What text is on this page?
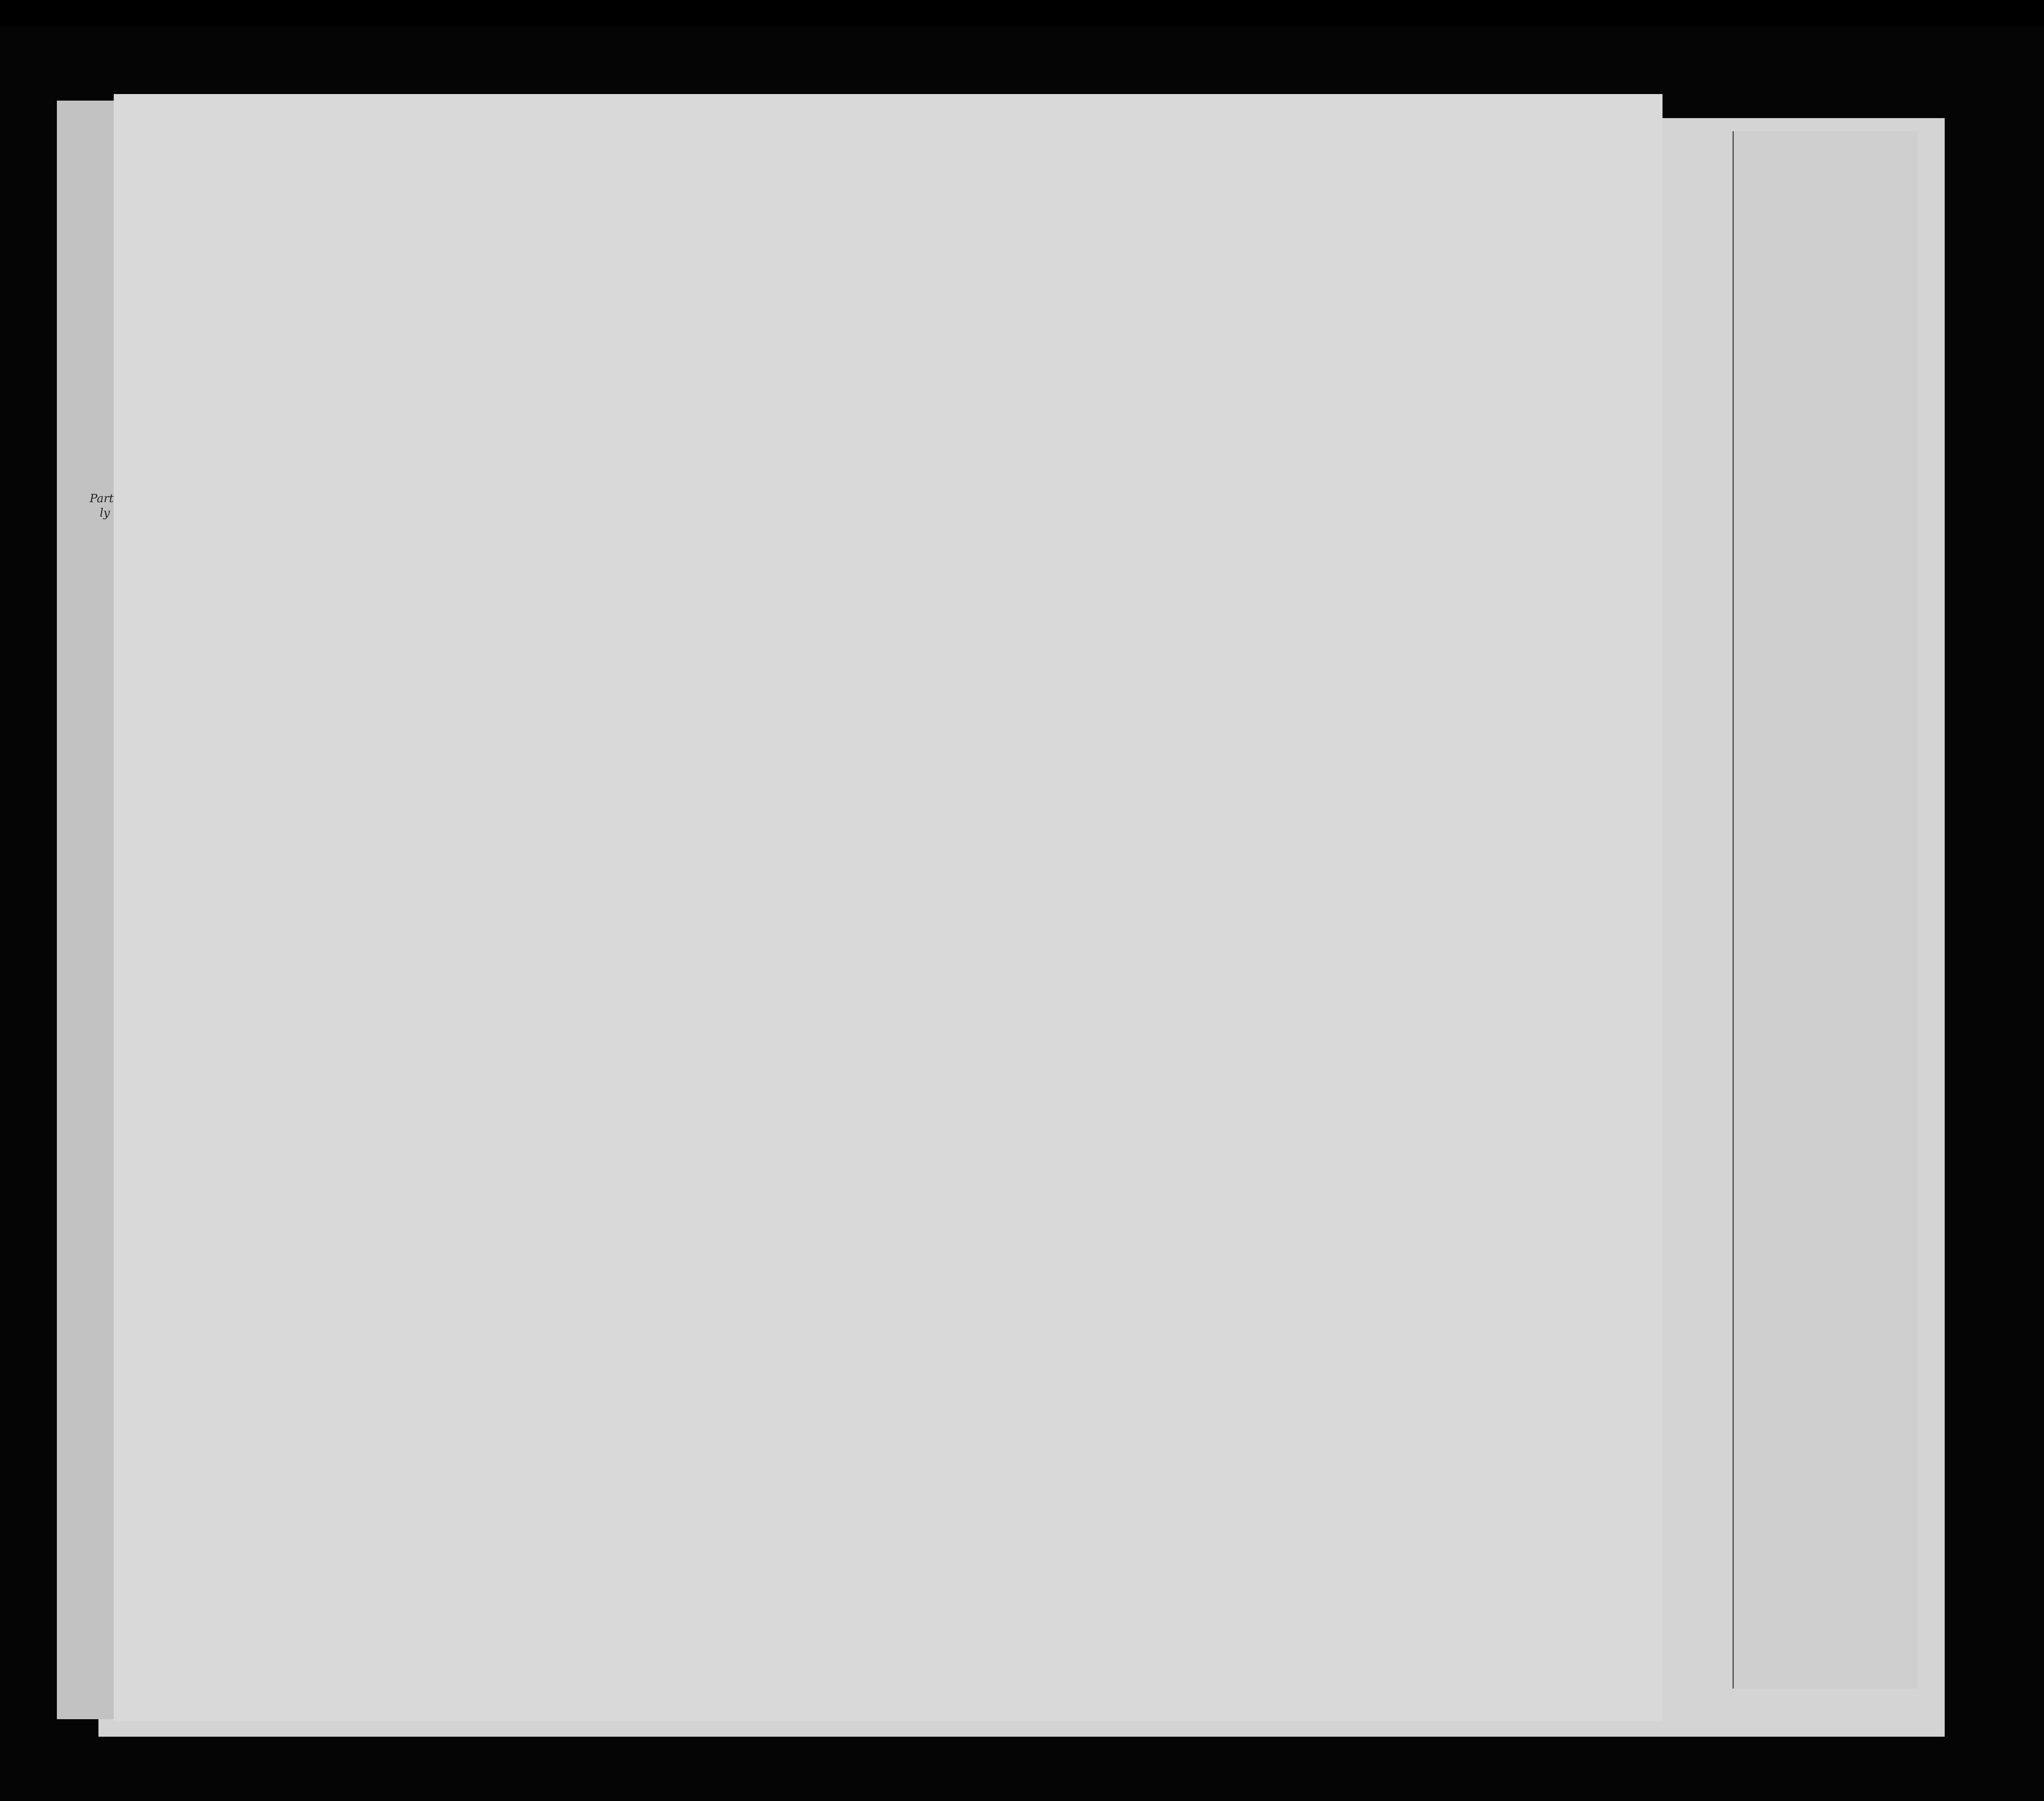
Part
ly
